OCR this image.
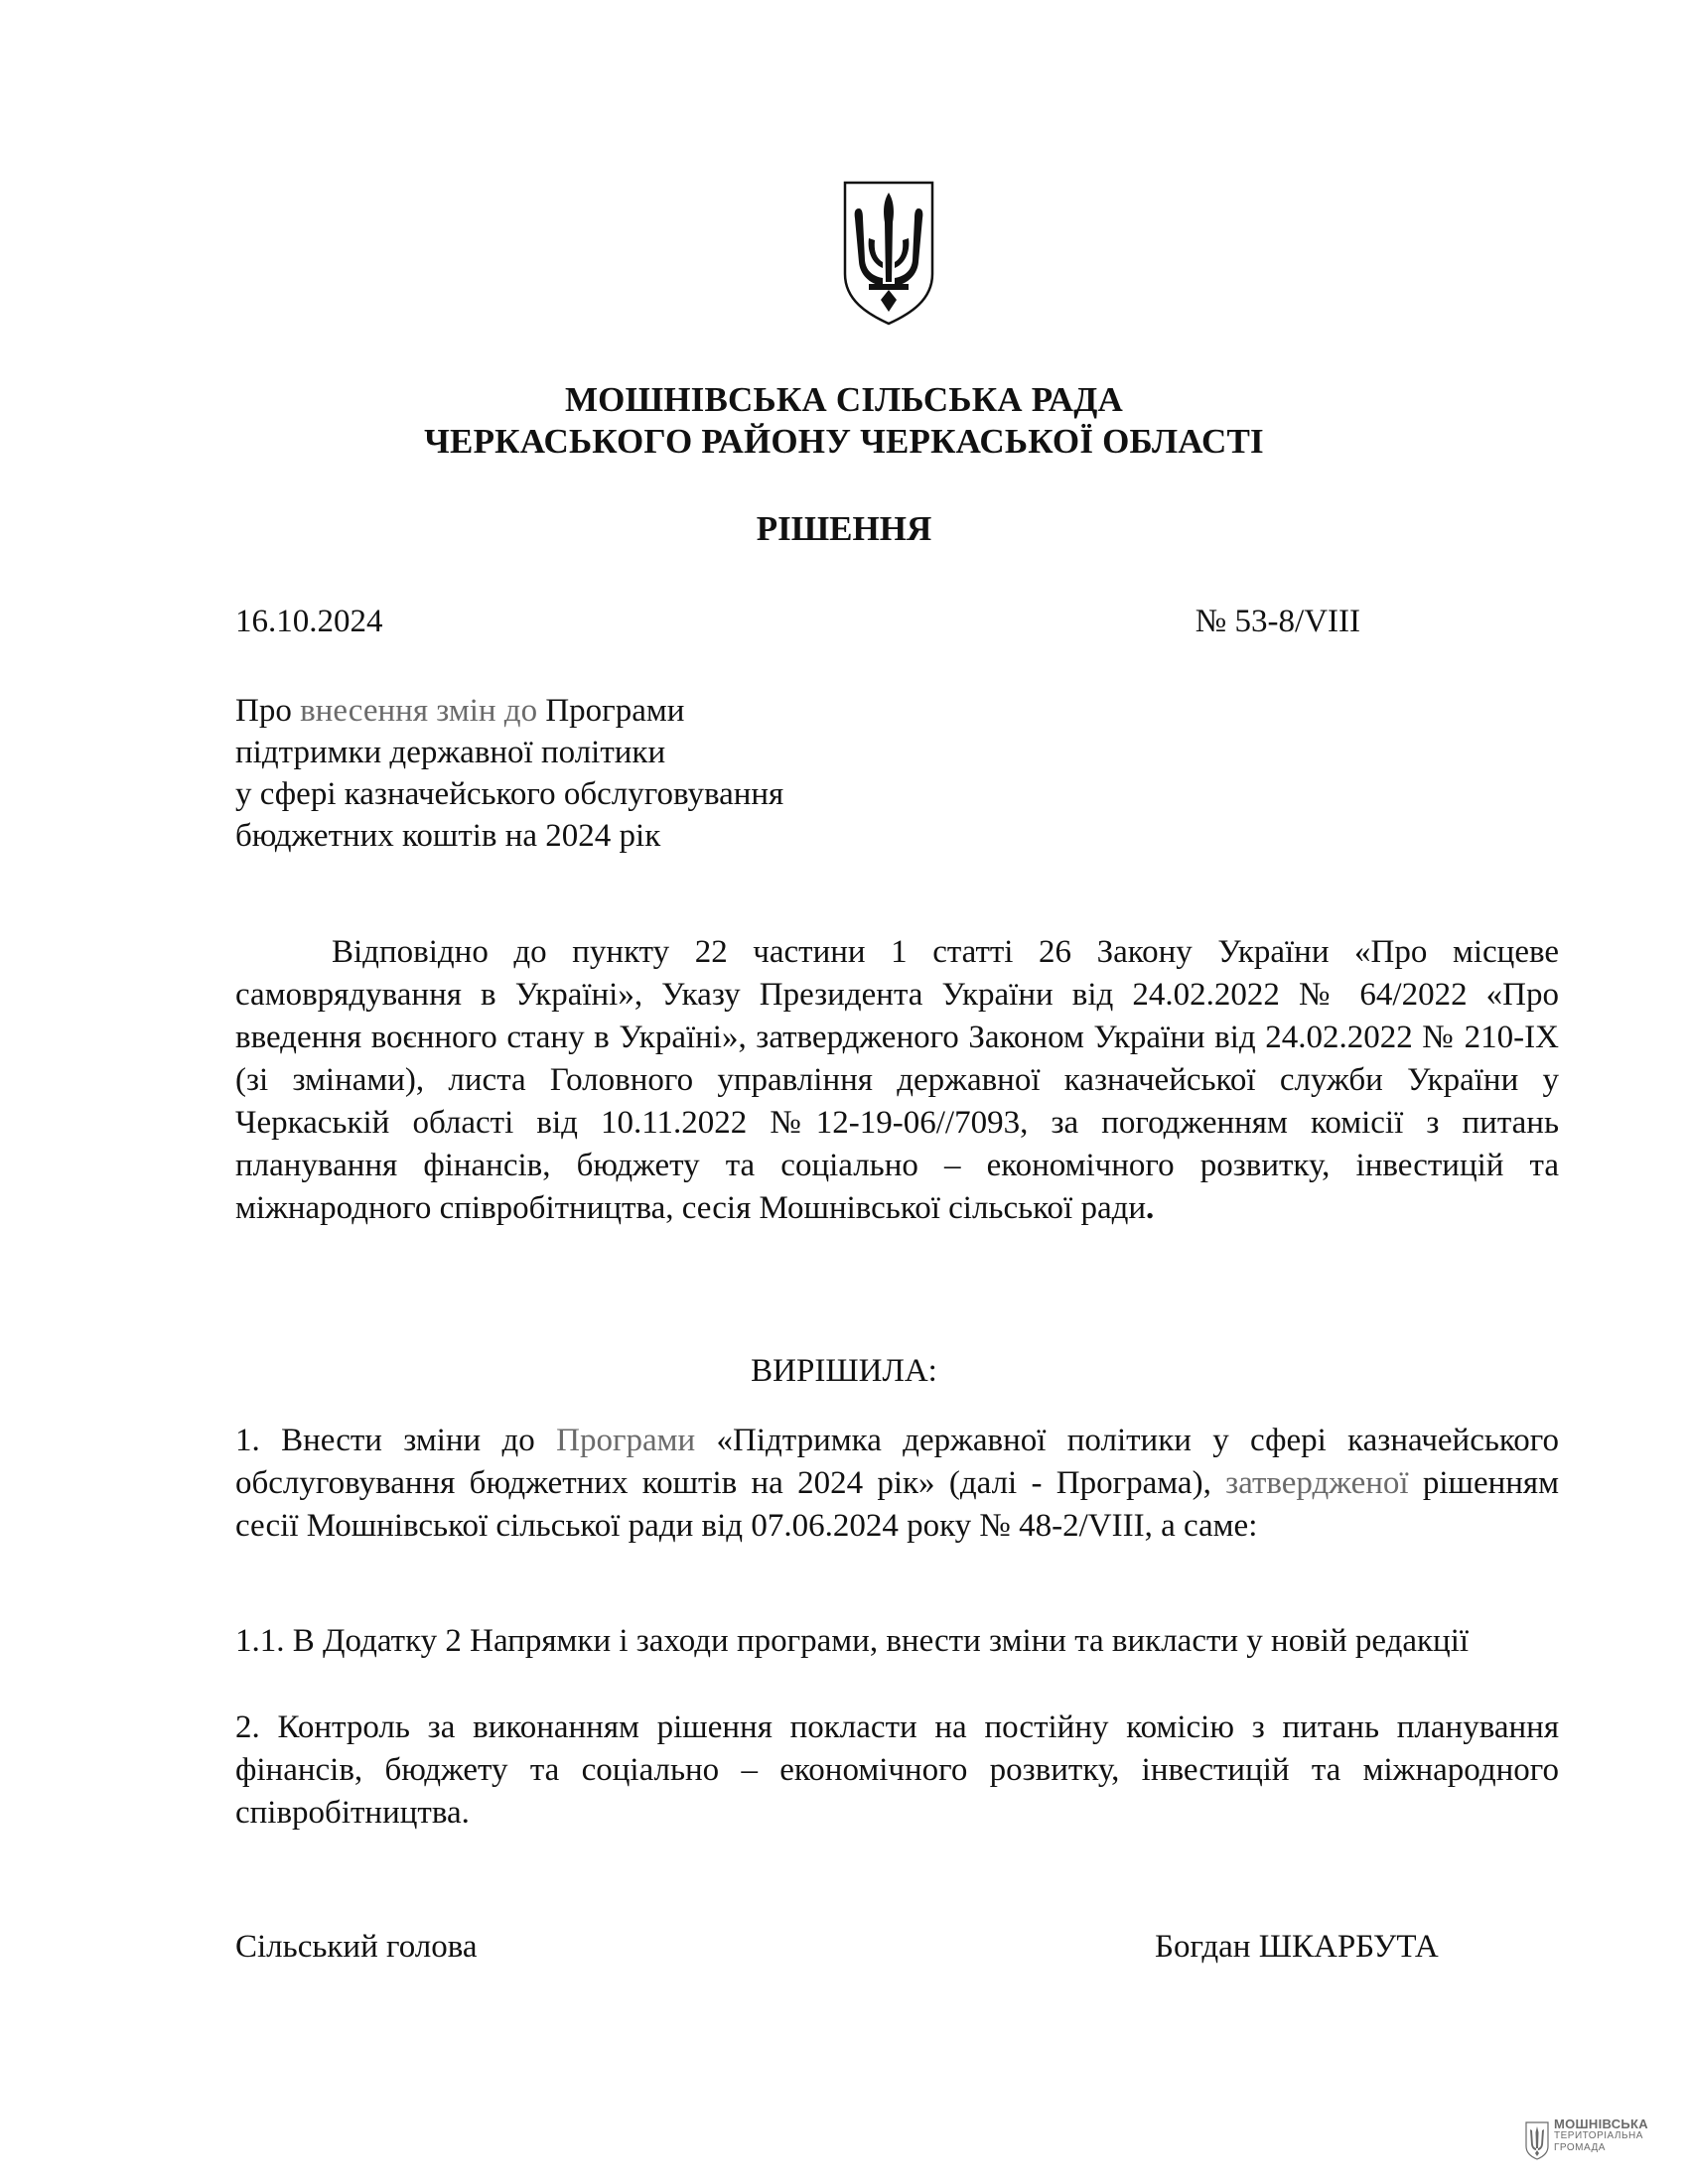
МОШНІВСЬКА СІЛЬСЬКА РАДА
ЧЕРКАСЬКОГО РАЙОНУ ЧЕРКАСЬКОЇ ОБЛАСТІ
РІШЕННЯ
16.10.2024	№ 53-8/VIII
Про внесення змін до Програми
підтримки державної політики
у сфері казначейського обслуговування
бюджетних коштів на 2024 рік
Відповідно до пункту 22 частини 1 статті 26 Закону України «Про місцеве самоврядування в Україні», Указу Президента України від 24.02.2022 № 64/2022 «Про введення воєнного стану в Україні», затвердженого Законом України від 24.02.2022 № 210-IX (зі змінами), листа Головного управління державної казначейської служби України у Черкаській області від 10.11.2022 №12-19-06//7093, за погодженням комісії з питань планування фінансів, бюджету та соціально – економічного розвитку, інвестицій та міжнародного співробітництва, сесія Мошнівської сільської ради.
ВИРІШИЛА:
1. Внести зміни до Програми «Підтримка державної політики у сфері казначейського обслуговування бюджетних коштів на 2024 рік» (далі - Програма), затвердженої рішенням сесії Мошнівської сільської ради від 07.06.2024 року № 48-2/VIII, а саме:
1.1. В Додатку 2 Напрямки і заходи програми, внести зміни та викласти у новій редакції
2. Контроль за виконанням рішення покласти на постійну комісію з питань планування фінансів, бюджету та соціально – економічного розвитку, інвестицій та міжнародного співробітництва.
Сільський голова	Богдан ШКАРБУТА
МОШНІВСЬКА
ТЕРИТОРІАЛЬНА
ГРОМАДА
